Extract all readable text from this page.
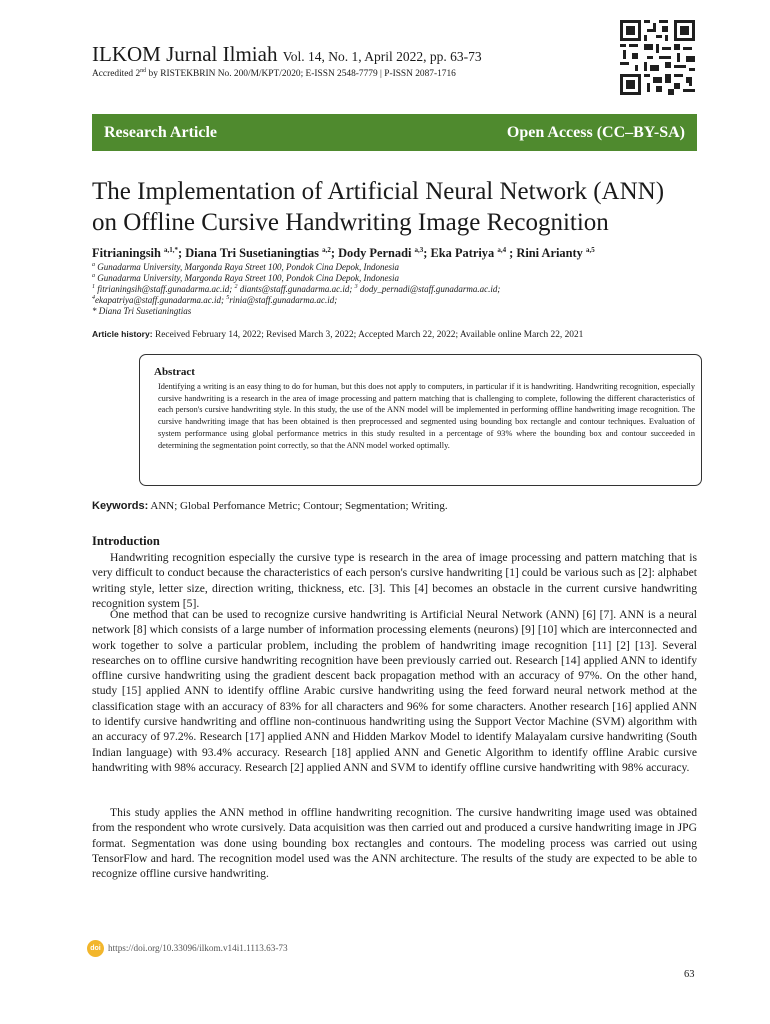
ILKOM Jurnal Ilmiah Vol. 14, No. 1, April 2022, pp. 63-73
Accredited 2nd by RISTEKBRIN No. 200/M/KPT/2020; E-ISSN 2548-7779 | P-ISSN 2087-1716
Research Article	Open Access (CC–BY-SA)
The Implementation of Artificial Neural Network (ANN)
on Offline Cursive Handwriting Image Recognition
Fitrianingsih $^{a,1,*}$; Diana Tri Susetianingtias $^{a,2}$; Dody Pernadi $^{a,3}$; Eka Patriya $^{a,4}$ ; Rini Arianty $^{a,5}$
$^a$ Gunadarma University, Margonda Raya Street 100, Pondok Cina Depok, Indonesia
$^a$ Gunadarma University, Margonda Raya Street 100, Pondok Cina Depok, Indonesia
$^1$ fitrianingsih@staff.gunadarma.ac.id; $^2$ diants@staff.gunadarma.ac.id; $^3$ dody_pernadi@staff.gunadarma.ac.id;
$^4$ekapatriya@staff.gunadarma.ac.id; $^5$rinia@staff.gunadarma.ac.id;
* Diana Tri Susetianingtias
Article history: Received February 14, 2022; Revised March 3, 2022; Accepted March 22, 2022; Available online March 22, 2021
Abstract
Identifying a writing is an easy thing to do for human, but this does not apply to computers, in particular if it is handwriting. Handwriting recognition, especially cursive handwriting is a research in the area of image processing and pattern matching that is challenging to complete, following the different characteristics of each person's cursive handwriting style. In this study, the use of the ANN model will be implemented in performing offline handwriting image recognition. The cursive handwriting image that has been obtained is then preprocessed and segmented using bounding box rectangle and contour techniques. Evaluation of system performance using global performance metrics in this study resulted in a percentage of 93% where the bounding box and contour succeeded in determining the segmentation point correctly, so that the ANN model worked optimally.
Keywords: ANN; Global Perfomance Metric; Contour; Segmentation; Writing.
Introduction
Handwriting recognition especially the cursive type is research in the area of image processing and pattern matching that is very difficult to conduct because the characteristics of each person's cursive handwriting [1] could be various such as [2]: alphabet writing style, letter size, direction writing, thickness, etc. [3]. This [4] becomes an obstacle in the current cursive handwriting recognition system [5].
One method that can be used to recognize cursive handwriting is Artificial Neural Network (ANN) [6] [7]. ANN is a neural network [8] which consists of a large number of information processing elements (neurons) [9] [10] which are interconnected and work together to solve a particular problem, including the problem of handwriting image recognition [11] [2] [13]. Several researches on to offline cursive handwriting recognition have been previously carried out. Research [14] applied ANN to identify offline cursive handwriting using the gradient descent back propagation method with an accuracy of 97%. On the other hand, study [15] applied ANN to identify offline Arabic cursive handwriting using the feed forward neural network method at the classification stage with an accuracy of 83% for all characters and 96% for some characters. Another research [16] applied ANN to identify cursive handwriting and offline non-continuous handwriting using the Support Vector Machine (SVM) algorithm with an accuracy of 97.2%. Research [17] applied ANN and Hidden Markov Model to identify Malayalam cursive handwriting (South Indian language) with 93.4% accuracy. Research [18] applied ANN and Genetic Algorithm to identify offline Arabic cursive handwriting with 98% accuracy. Research [2] applied ANN and SVM to identify offline cursive handwriting with 98% accuracy.
This study applies the ANN method in offline handwriting recognition. The cursive handwriting image used was obtained from the respondent who wrote cursively. Data acquisition was then carried out and produced a cursive handwriting image in JPG format. Segmentation was done using bounding box rectangles and contours. The modeling process was carried out using TensorFlow and hard. The recognition model used was the ANN architecture. The results of the study are expected to be able to recognize offline cursive handwriting.
doi https://doi.org/10.33096/ilkom.v14i1.1113.63-73
63
